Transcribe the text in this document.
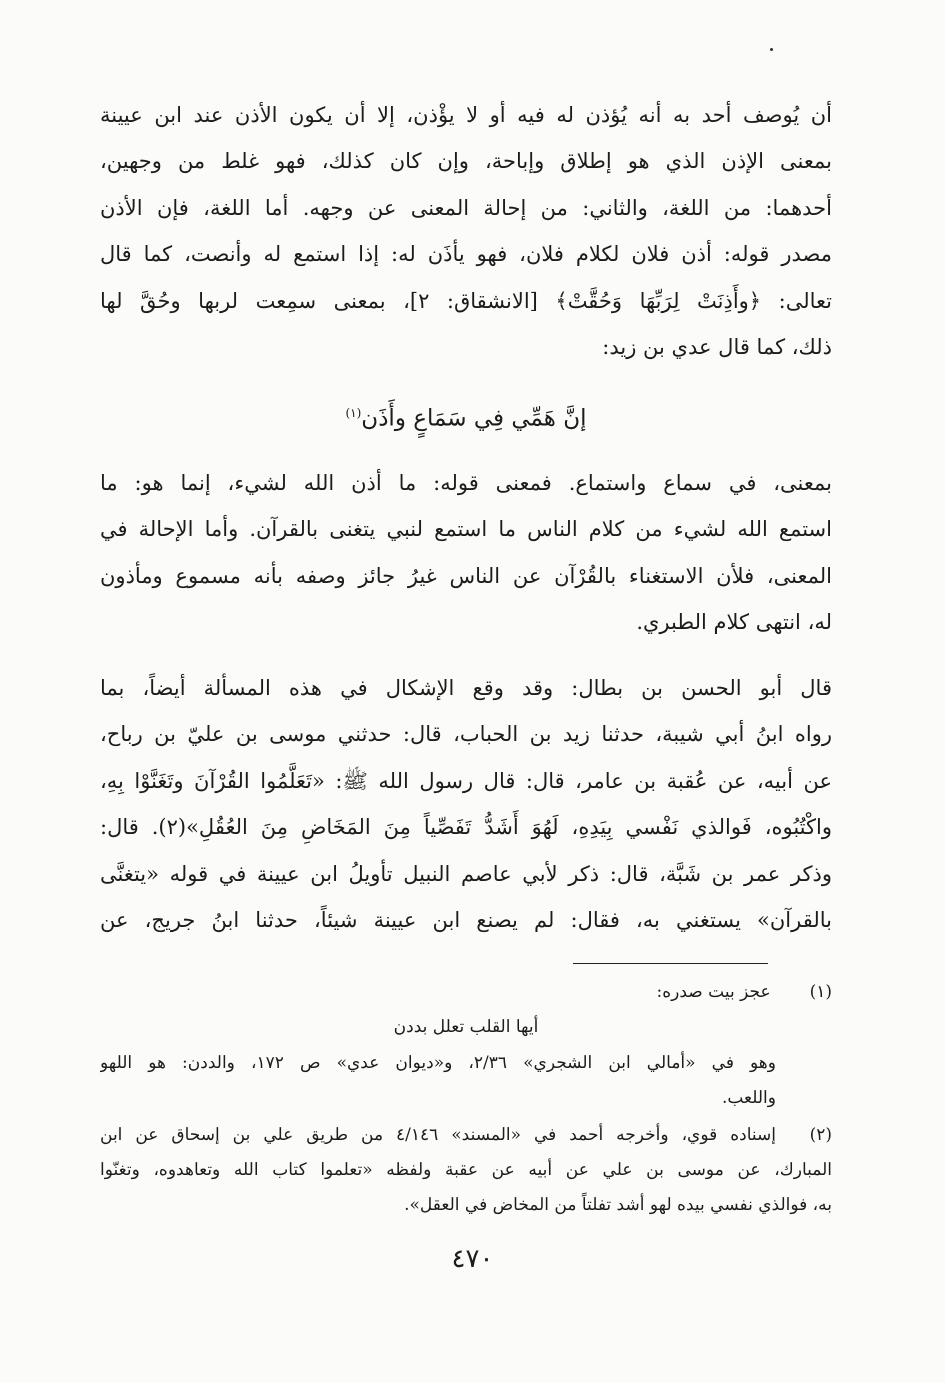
أن يُوصف أحد به أنه يُؤذن له فيه أو لا يؤْذن، إلا أن يكون الأذن عند ابن عيينة
بمعنى الإذن الذي هو إطلاق وإباحة، وإن كان كذلك، فهو غلط من وجهين،
أحدهما: من اللغة، والثاني: من إحالة المعنى عن وجهه. أما اللغة، فإن الأذن
مصدر قوله: أذن فلان لكلام فلان، فهو يأذَن له: إذا استمع له وأنصت، كما قال
تعالى: ﴿وأَذِنَتْ لِرَبِّهَا وَحُقَّتْ﴾ [الانشقاق: ٢]، بمعنى سمِعت لربها وحُقَّ لها
ذلك، كما قال عدي بن زيد:
إنَّ هَمِّي فِي سَمَاعٍ وأَذَن$^{(١)}$
بمعنى، في سماع واستماع. فمعنى قوله: ما أذن الله لشيء، إنما هو: ما
استمع الله لشيء من كلام الناس ما استمع لنبي يتغنى بالقرآن. وأما الإحالة في
المعنى، فلأن الاستغناء بالقُرْآن عن الناس غيرُ جائز وصفه بأنه مسموع ومأذون
له، انتهى كلام الطبري.
قال أبو الحسن بن بطال: وقد وقع الإشكال في هذه المسألة أيضاً، بما
رواه ابنُ أبي شيبة، حدثنا زيد بن الحباب، قال: حدثني موسى بن عليّ بن رباح،
عن أبيه، عن عُقبة بن عامر، قال: قال رسول الله ﷺ: «تَعَلَّمُوا القُرْآنَ وتَغَنَّوْا بِهِ،
واكْتُبُوه، فَوالذي نَفْسي بِيَدِهِ، لَهُوَ أَشَدُّ تَفَصِّياً مِنَ المَخَاضِ مِنَ العُقُلِ»(٢). قال:
وذكر عمر بن شَبَّة، قال: ذكر لأبي عاصم النبيل تأويلُ ابن عيينة في قوله «يتغنَّى
بالقرآن» يستغني به، فقال: لم يصنع ابن عيينة شيئاً، حدثنا ابنُ جريج، عن
(١) عجز بيت صدره:
أيها القلب تعلل بددن
وهو في «أمالي ابن الشجري» ٢/٣٦، و«ديوان عدي» ص ١٧٢، والددن: هو اللهو
واللعب.
(٢)إسناده قوي، وأخرجه أحمد في «المسند» ٤/١٤٦ من طريق علي بن إسحاق عن ابن
المبارك، عن موسى بن علي عن أبيه عن عقبة ولفظه «تعلموا كتاب الله وتعاهدوه، وتغنّوا
به، فوالذي نفسي بيده لهو أشد تفلتاً من المخاض في العقل».
٤٧٠
